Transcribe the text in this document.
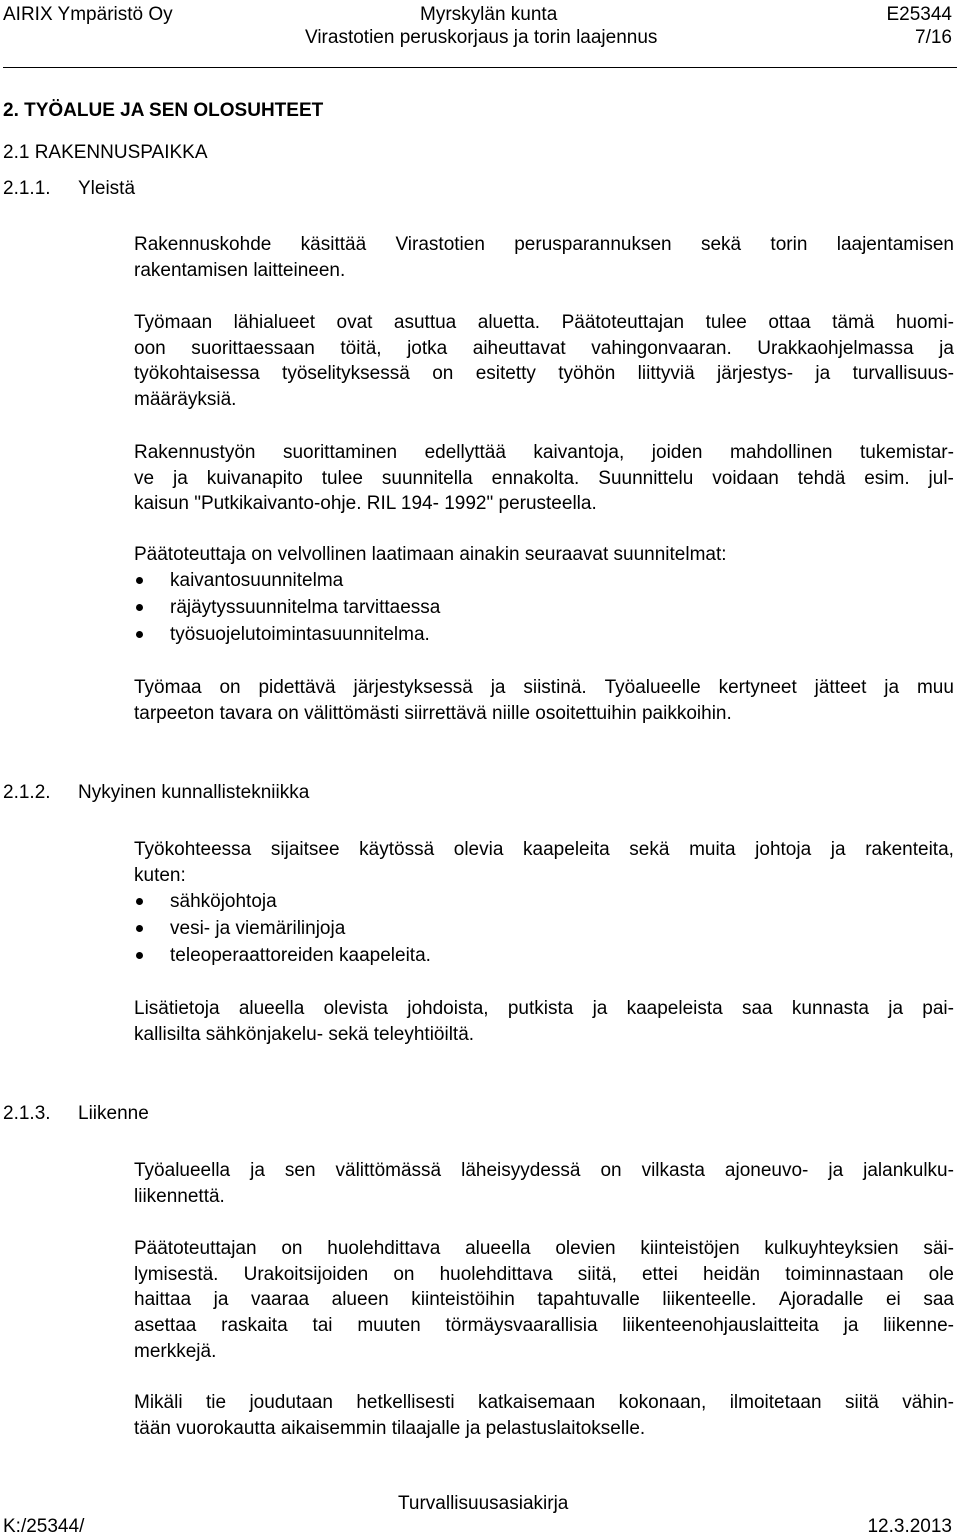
AIRIX Ympäristö Oy	Myrskylän kunta	E25344
Virastotien peruskorjaus ja torin laajennus	7/16
2. TYÖALUE JA SEN OLOSUHTEET
2.1 RAKENNUSPAIKKA
2.1.1. Yleistä
Rakennuskohde käsittää Virastotien perusparannuksen sekä torin laajentamisen
rakentamisen laitteineen.
Työmaan lähialueet ovat asuttua aluetta. Päätoteuttajan tulee ottaa tämä huomi-
oon suorittaessaan töitä, jotka aiheuttavat vahingonvaaran. Urakkaohjelmassa ja
työkohtaisessa työselityksessä on esitetty työhön liittyviä järjestys- ja turvallisuus-
määräyksiä.
Rakennustyön suorittaminen edellyttää kaivantoja, joiden mahdollinen tukemistar-
ve ja kuivanapito tulee suunnitella ennakolta. Suunnittelu voidaan tehdä esim. jul-
kaisun "Putkikaivanto-ohje. RIL 194- 1992" perusteella.
Päätoteuttaja on velvollinen laatimaan ainakin seuraavat suunnitelmat:
kaivantosuunnitelma
räjäytyssuunnitelma tarvittaessa
työsuojelutoimintasuunnitelma.
Työmaa on pidettävä järjestyksessä ja siistinä. Työalueelle kertyneet jätteet ja muu
tarpeeton tavara on välittömästi siirrettävä niille osoitettuihin paikkoihin.
2.1.2. Nykyinen kunnallistekniikka
Työkohteessa sijaitsee käytössä olevia kaapeleita sekä muita johtoja ja rakenteita,
kuten:
sähköjohtoja
vesi- ja viemärilinjoja
teleoperaattoreiden kaapeleita.
Lisätietoja alueella olevista johdoista, putkista ja kaapeleista saa kunnasta ja pai-
kallisilta sähkönjakelu- sekä teleyhtiöiltä.
2.1.3. Liikenne
Työalueella ja sen välittömässä läheisyydessä on vilkasta ajoneuvo- ja jalankulku-
liikennettä.
Päätoteuttajan on huolehdittava alueella olevien kiinteistöjen kulkuyhteyksien säi-
lymisestä. Urakoitsijoiden on huolehdittava siitä, ettei heidän toiminnastaan ole
haittaa ja vaaraa alueen kiinteistöihin tapahtuvalle liikenteelle. Ajoradalle ei saa
asettaa raskaita tai muuten törmäysvaarallisia liikenteenohjauslaitteita ja liikenne-
merkkejä.
Mikäli tie joudutaan hetkellisesti katkaisemaan kokonaan, ilmoitetaan siitä vähin-
tään vuorokautta aikaisemmin tilaajalle ja pelastuslaitokselle.
Turvallisuusasiakirja
K:/25344/	12.3.2013
